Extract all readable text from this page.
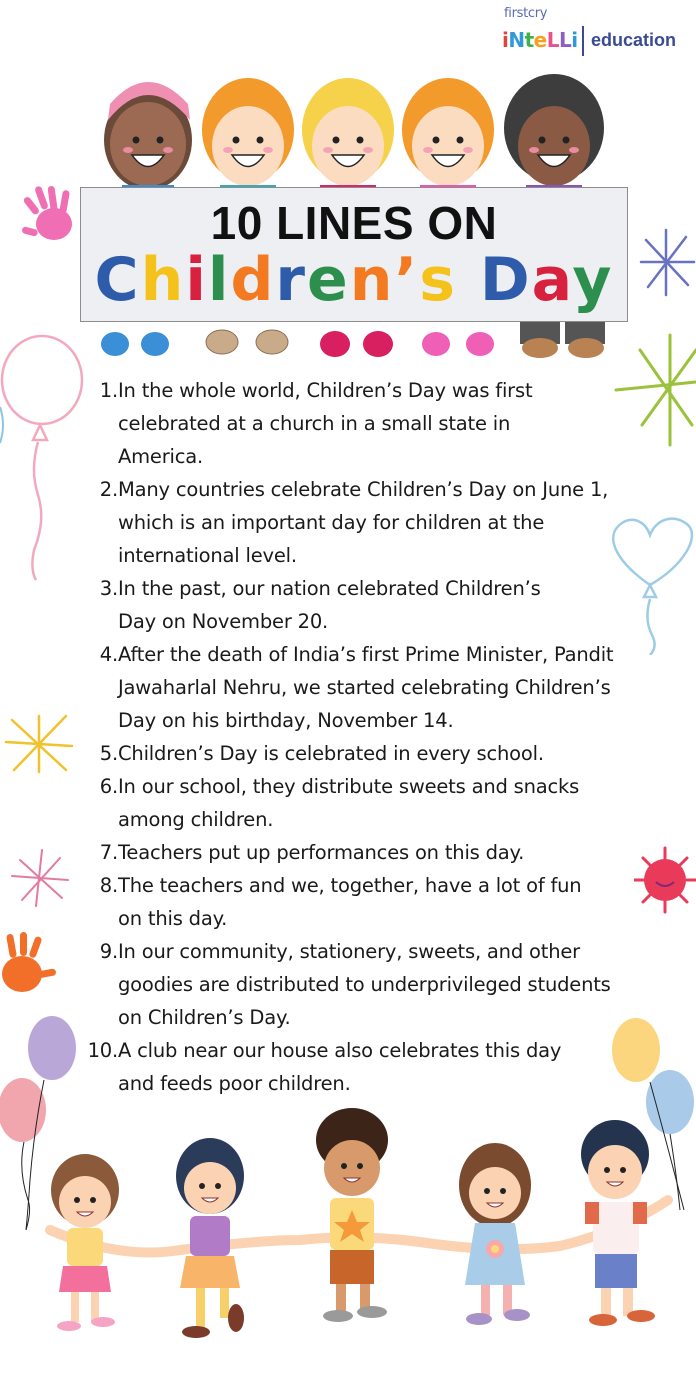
firstcry
iNteLLi education
10 LINES ON
Children’s Day
1. In the whole world, Children’s Day was first celebrated at a church in a small state in America.
2. Many countries celebrate Children’s Day on June 1, which is an important day for children at the international level.
3. In the past, our nation celebrated Children’s Day on November 20.
4. After the death of India’s first Prime Minister, Pandit Jawaharlal Nehru, we started celebrating Children’s Day on his birthday, November 14.
5. Children’s Day is celebrated in every school.
6. In our school, they distribute sweets and snacks among children.
7. Teachers put up performances on this day.
8. The teachers and we, together, have a lot of fun on this day.
9. In our community, stationery, sweets, and other goodies are distributed to underprivileged students on Children’s Day.
10. A club near our house also celebrates this day and feeds poor children.
